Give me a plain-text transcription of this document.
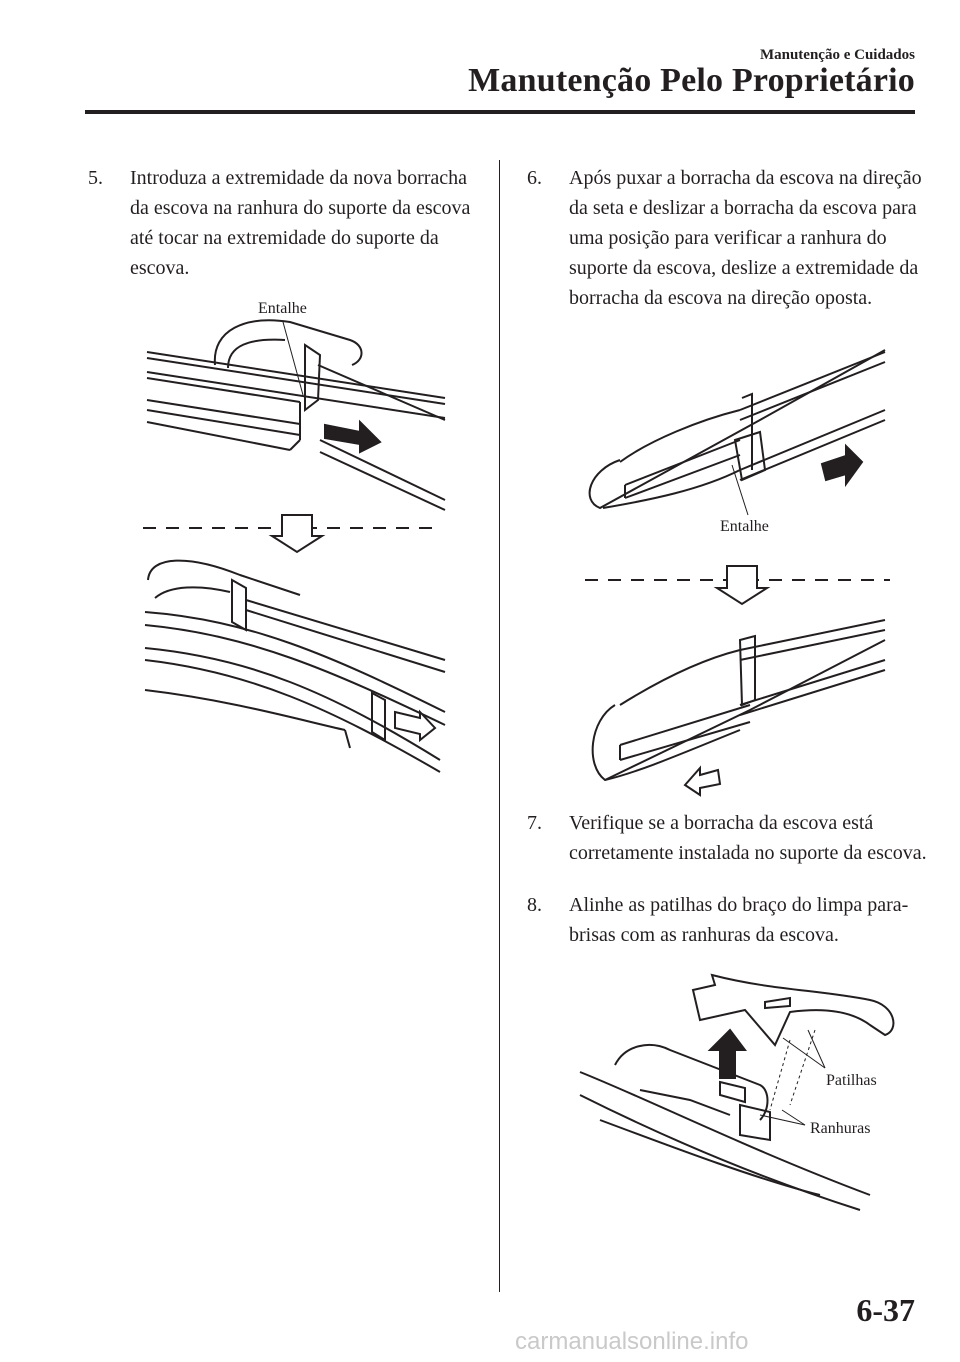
Manutenção e Cuidados
Manutenção Pelo Proprietário
5. Introduza a extremidade da nova borracha da escova na ranhura do suporte da escova até tocar na extremidade do suporte da escova.
6. Após puxar a borracha da escova na direção da seta e deslizar a borracha da escova para uma posição para verificar a ranhura do suporte da escova, deslize a extremidade da borracha da escova na direção oposta.
7. Verifique se a borracha da escova está corretamente instalada no suporte da escova.
8. Alinhe as patilhas do braço do limpa para-brisas com as ranhuras da escova.
Entalhe
Entalhe
Patilhas
Ranhuras
6-37
carmanualsonline.info
